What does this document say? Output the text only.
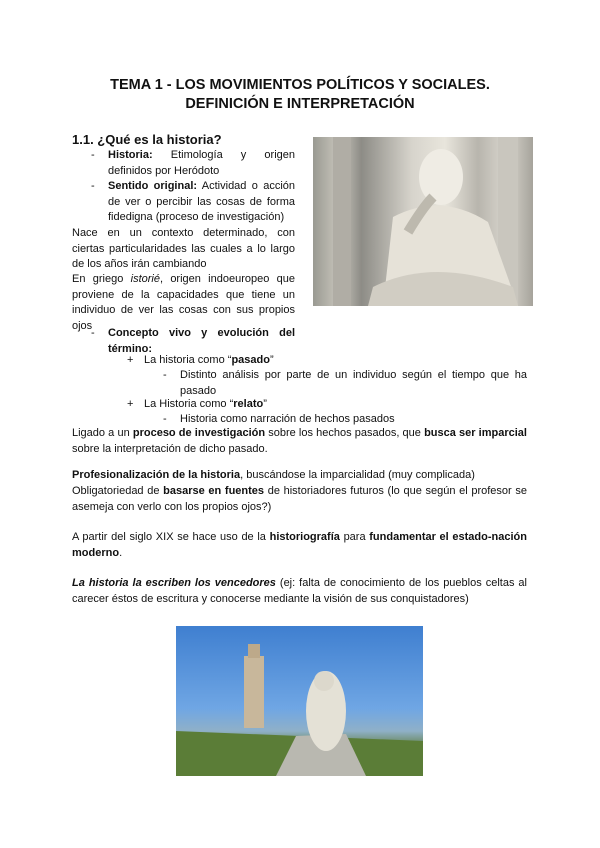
TEMA 1 - LOS MOVIMIENTOS POLÍTICOS Y SOCIALES.
DEFINICIÓN E INTERPRETACIÓN
1.1. ¿Qué es la historia?
- Historia: Etimología y origen definidos por Heródoto
- Sentido original: Actividad o acción de ver o percibir las cosas de forma fidedigna (proceso de investigación)
Nace en un contexto determinado, con ciertas particularidades las cuales a lo largo de los años irán cambiando
En griego istorié, origen indoeuropeo que proviene de la capacidades que tiene un individuo de ver las cosas con sus propios ojos
- Concepto vivo y evolución del término:
+ La historia como “pasado”
- Distinto análisis por parte de un individuo según el tiempo que ha pasado
+ La Historia como “relato”
- Historia como narración de hechos pasados
Ligado a un proceso de investigación sobre los hechos pasados, que busca ser imparcial sobre la interpretación de dicho pasado.
Profesionalización de la historia, buscándose la imparcialidad (muy complicada)
Obligatoriedad de basarse en fuentes de historiadores futuros (lo que según el profesor se asemeja con verlo con los propios ojos?)
A partir del siglo XIX se hace uso de la historiografía para fundamentar el estado-nación moderno.
La historia la escriben los vencedores (ej: falta de conocimiento de los pueblos celtas al carecer éstos de escritura y conocerse mediante la visión de sus conquistadores)
